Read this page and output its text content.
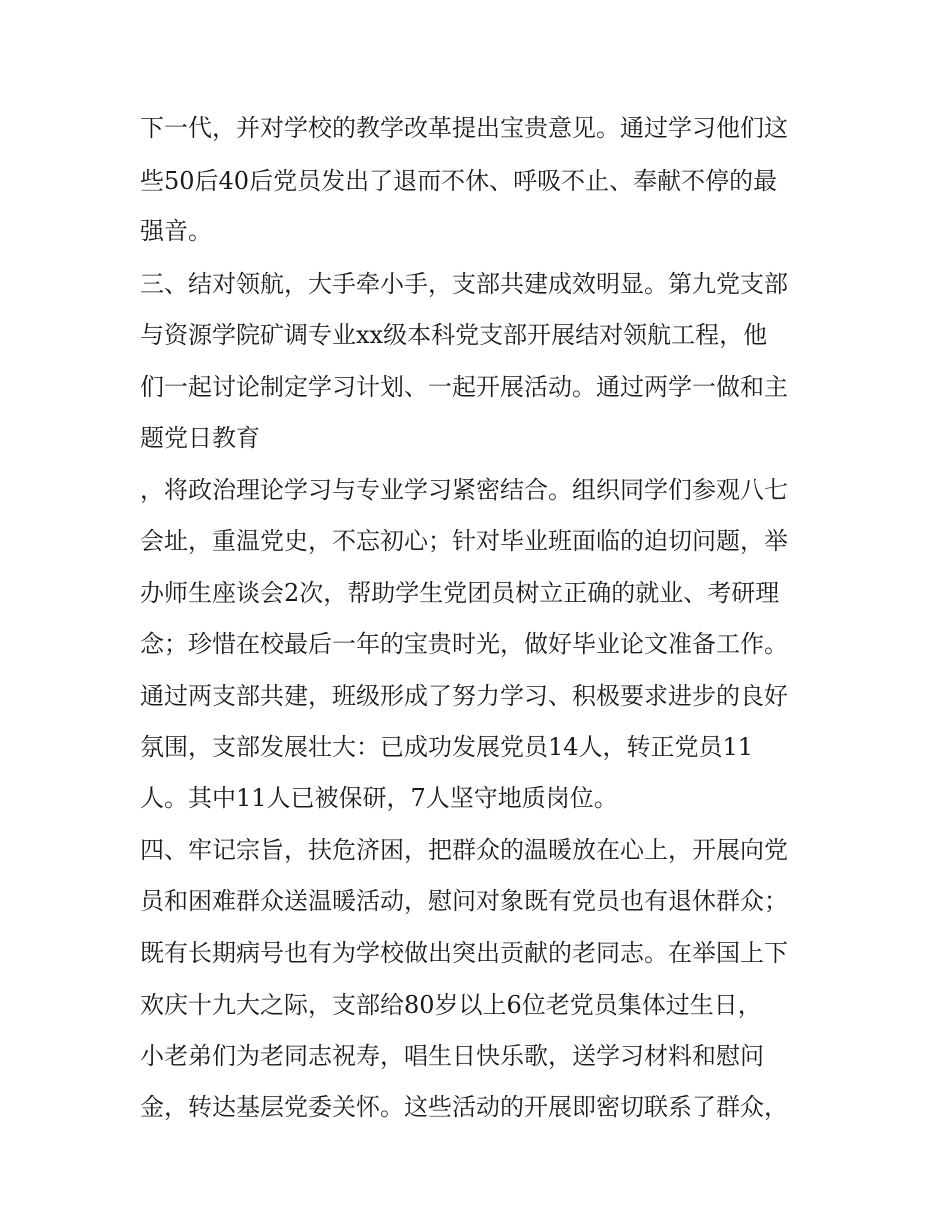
下一代，并对学校的教学改革提出宝贵意见。通过学习他们这

些50后40后党员发出了退而不休、呼吸不止、奉献不停的最

强音。

三、结对领航，大手牵小手，支部共建成效明显。第九党支部

与资源学院矿调专业xx级本科党支部开展结对领航工程，他

们一起讨论制定学习计划、一起开展活动。通过两学一做和主

题党日教育

，将政治理论学习与专业学习紧密结合。组织同学们参观八七

会址，重温党史，不忘初心；针对毕业班面临的迫切问题，举

办师生座谈会2次，帮助学生党团员树立正确的就业、考研理

念；珍惜在校最后一年的宝贵时光，做好毕业论文准备工作。

通过两支部共建，班级形成了努力学习、积极要求进步的良好

氛围，支部发展壮大：已成功发展党员14人，转正党员11

人。其中11人已被保研，7人坚守地质岗位。

四、牢记宗旨，扶危济困，把群众的温暖放在心上，开展向党

员和困难群众送温暖活动，慰问对象既有党员也有退休群众；

既有长期病号也有为学校做出突出贡献的老同志。在举国上下

欢庆十九大之际，支部给80岁以上6位老党员集体过生日，

小老弟们为老同志祝寿，唱生日快乐歌，送学习材料和慰问

金，转达基层党委关怀。这些活动的开展即密切联系了群众，
